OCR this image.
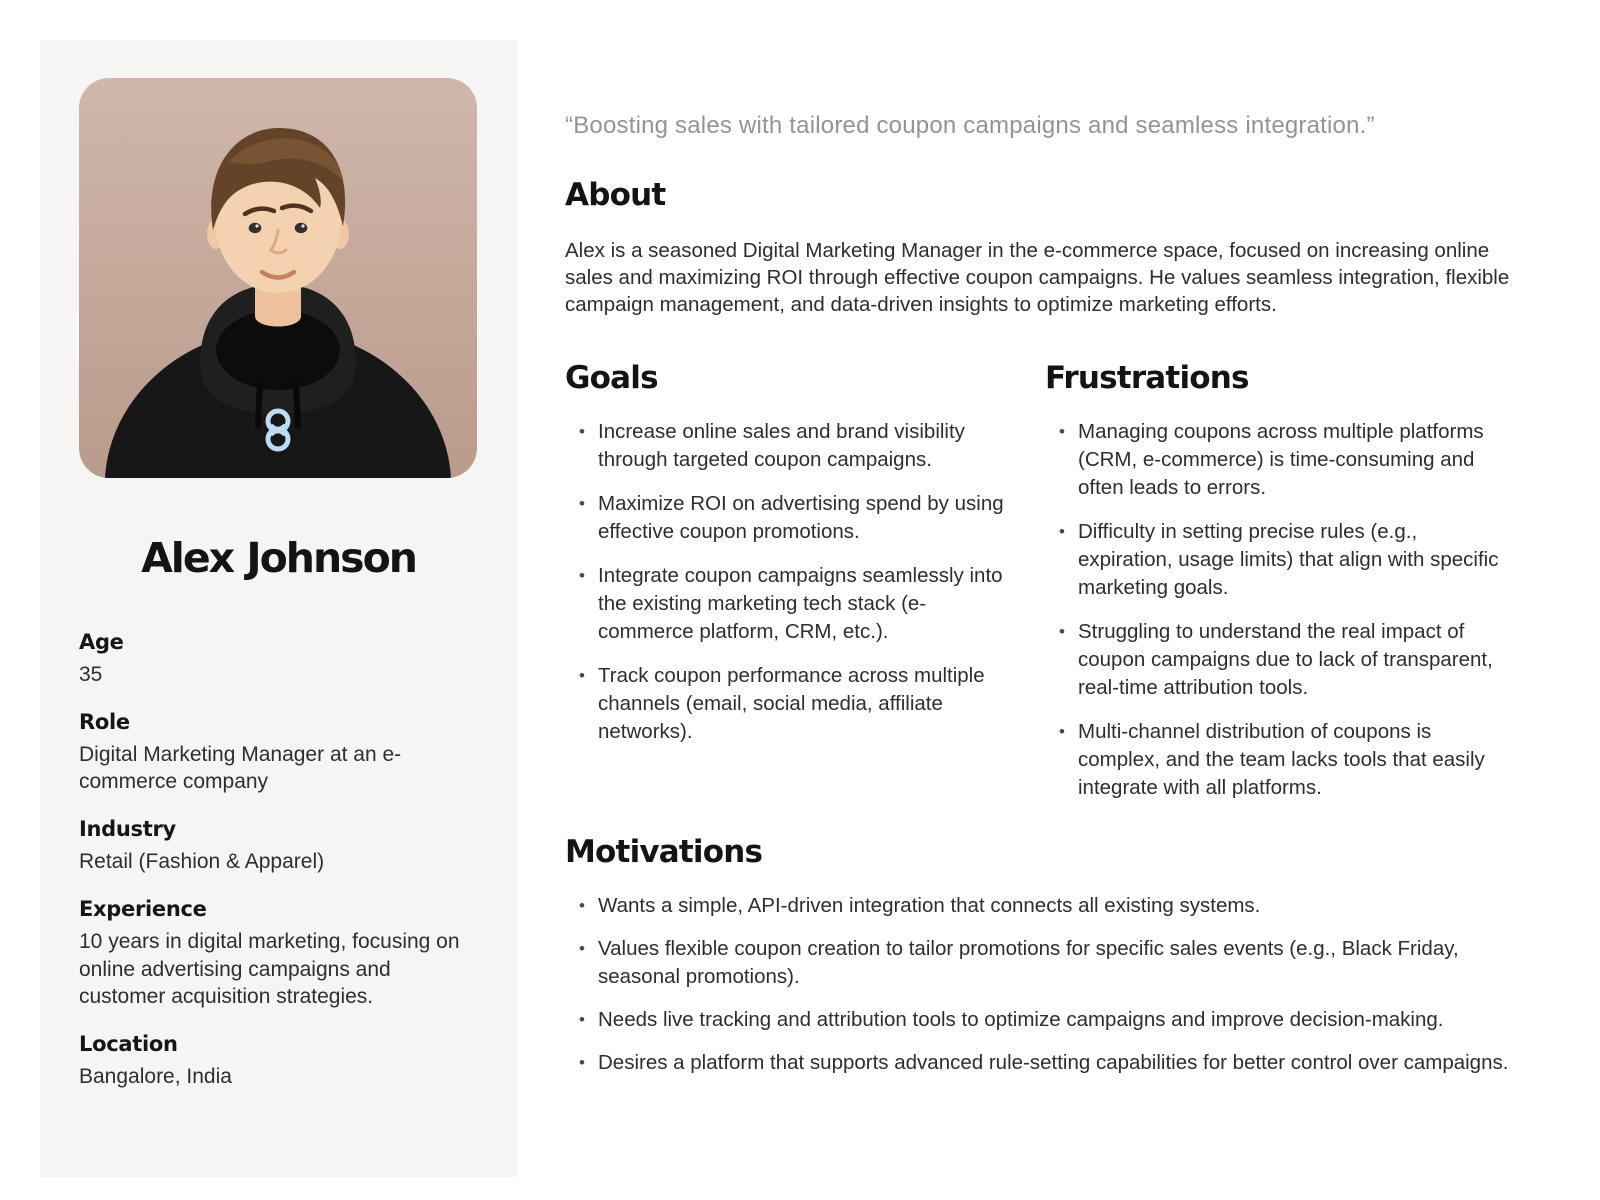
Alex Johnson
Age
35
Role
Digital Marketing Manager at an e-commerce company
Industry
Retail (Fashion & Apparel)
Experience
10 years in digital marketing, focusing on online advertising campaigns and customer acquisition strategies.
Location
Bangalore, India

“Boosting sales with tailored coupon campaigns and seamless integration.”

About

Alex is a seasoned Digital Marketing Manager in the e-commerce space, focused on increasing online sales and maximizing ROI through effective coupon campaigns. He values seamless integration, flexible campaign management, and data-driven insights to optimize marketing efforts.

Goals
• Increase online sales and brand visibility through targeted coupon campaigns.
• Maximize ROI on advertising spend by using effective coupon promotions.
• Integrate coupon campaigns seamlessly into the existing marketing tech stack (e-commerce platform, CRM, etc.).
• Track coupon performance across multiple channels (email, social media, affiliate networks).
Frustrations
• Managing coupons across multiple platforms (CRM, e-commerce) is time-consuming and often leads to errors.
• Difficulty in setting precise rules (e.g., expiration, usage limits) that align with specific marketing goals.
• Struggling to understand the real impact of coupon campaigns due to lack of transparent, real-time attribution tools.
• Multi-channel distribution of coupons is complex, and the team lacks tools that easily integrate with all platforms.
Motivations
• Wants a simple, API-driven integration that connects all existing systems.
• Values flexible coupon creation to tailor promotions for specific sales events (e.g., Black Friday, seasonal promotions).
• Needs live tracking and attribution tools to optimize campaigns and improve decision-making.
• Desires a platform that supports advanced rule-setting capabilities for better control over campaigns.
